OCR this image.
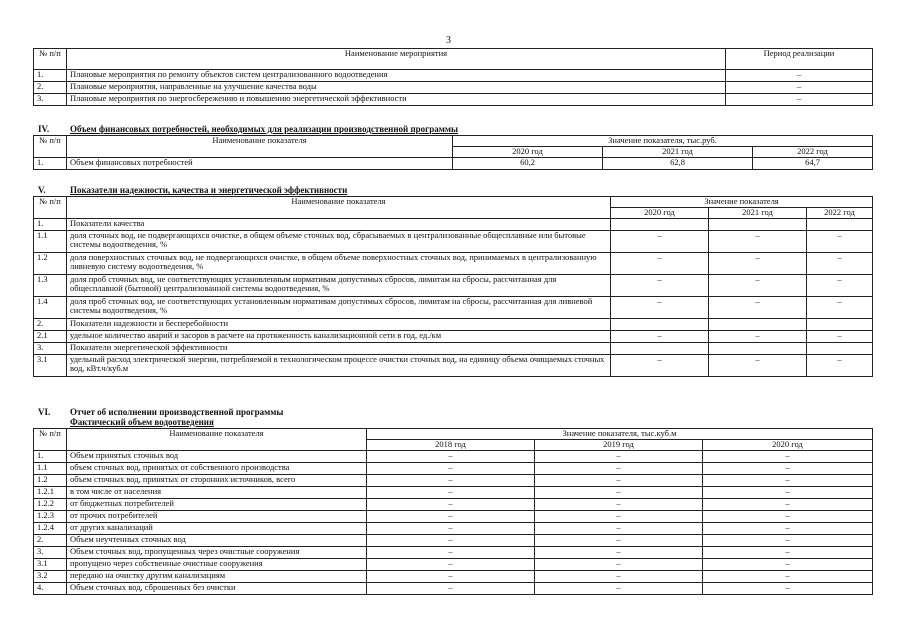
3
№ п/п	Наименование мероприятия	Период реализации
1.	Плановые мероприятия по ремонту объектов систем централизованного водоотведения	–
2.	Плановые мероприятия, направленные на улучшение качества воды	–
3.	Плановые мероприятия по энергосбережению и повышению энергетической эффективности	–
IV. Объем финансовых потребностей, необходимых для реализации производственной программы
№ п/п	Наименование показателя	Значение показателя, тыс.руб.		
		2020 год	2021 год	2022 год
1.	Объем финансовых потребностей	60,2	62,8	64,7
V.	Показатели надежности, качества и энергетической эффективности
№ п/п	Наименование показателя	Значение показателя		
		2020 год	2021 год	2022 год
1.	Показатели качества			
1.1	доля сточных вод, не подвергающихся очистке, в общем объеме сточных вод, сбрасываемых в централизованные общесплавные или бытовые системы водоотведения, %	–	–	–
1.2	доля поверхностных сточных вод, не подвергающихся очистке, в общем объеме поверхностных сточных вод, принимаемых в централизованную ливневую систему водоотведения, %	–	–	–
1.3	доля проб сточных вод, не соответствующих установленным нормативам допустимых сбросов, лимитам на сбросы, рассчитанная для общесплавной (бытовой) централизованной системы водоотведения, %	–	–	–
1.4	доля проб сточных вод, не соответствующих установленным нормативам допустимых сбросов, лимитам на сбросы, рассчитанная для ливневой системы водоотведения, %	–	–	–
2.	Показатели надежности и бесперебойности			
2.1	удельное количество аварий и засоров в расчете на протяженность канализационной сети в год, ед./км	–	–	–
3.	Показатели энергетической эффективности			
3.1	удельный расход электрической энергии, потребляемой в технологическом процессе очистки сточных вод, на единицу объема очищаемых сточных вод, кВт.ч/куб.м	–	–	–
VI. Отчет об исполнении производственной программы
Фактический объем водоотведения
№ п/п	Наименование показателя	Значение показателя, тыс.куб.м		
		2018 год	2019 год	2020 год
1.	Объем принятых сточных вод	–	–	–
1.1	объем сточных вод, принятых от собственного производства	–	–	–
1.2	объем сточных вод, принятых от сторонних источников, всего	–	–	–
1.2.1	в том числе от населения	–	–	–
1.2.2	от бюджетных потребителей	–	–	–
1.2.3	от прочих потребителей	–	–	–
1.2.4	от других канализаций	–	–	–
2.	Объем неучтенных сточных вод	–	–	–
3.	Объем сточных вод, пропущенных через очистные сооружения	–	–	–
3.1	пропущено через собственные очистные сооружения	–	–	–
3.2	передано на очистку другим канализациям	–	–	–
4.	Объем сточных вод, сброшенных без очистки	–	–	–
